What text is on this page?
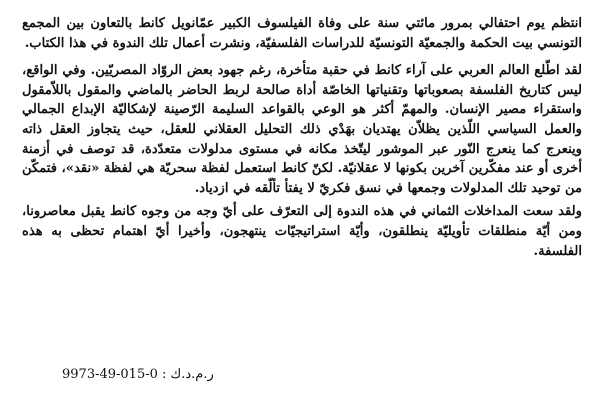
انتظم يوم احتفالي بمرور مائتي سنة على وفاة الفيلسوف الكبير عمّانويل كانط بالتعاون بين المجمع التونسي بيت الحكمة والجمعيّة التونسيّة للدراسات الفلسفيّة، ونشرت أعمال تلك الندوة في هذا الكتاب.

لقد اطّلع العالم العربي على آراء كانط في حقبة متأخرة، رغم جهود بعض الروّاد المصريّين. وفي الواقع، ليس كتاريخ الفلسفة بصعوباتها وتقنياتها الخاصّة أداة صالحة لربط الحاضر بالماضي والمقول باللاّمقول واستقراء مصير الإنسان. والمهمّ أكثر هو الوعي بالقواعد السليمة الرّصينة لإشكاليّة الإبداع الجمالي والعمل السياسي اللّذين يظلاّن يهتديان بهَدْي ذلك التحليل العقلاني للعقل، حيث يتجاوز العقل ذاته وينعرج كما ينعرج النّور عبر الموشور ليتّخذ مكانه في مستوى مدلولات متعدّدة، قد توصف في أزمنة أخرى أو عند مفكّرين آخرين بكونها لا عقلانيّة. لكنّ كانط استعمل لفظة سحريّة هي لفظة «نقد»، فتمكّن من توحيد تلك المدلولات وجمعها في نسق فكريّ لا يفتأ تألّقه في ازدياد.

ولقد سعت المداخلات الثماني في هذه الندوة إلى التعرّف على أيّ وجه من وجوه كانط يقبل معاصرونا، ومن أيّة منطلقات تأويليّة ينطلقون، وأيّة استراتيجيّات ينتهجون، وأخيرا أيّ اهتمام تحظى به هذه الفلسفة.

ر.م.د.ك : 9973-49-015-0
